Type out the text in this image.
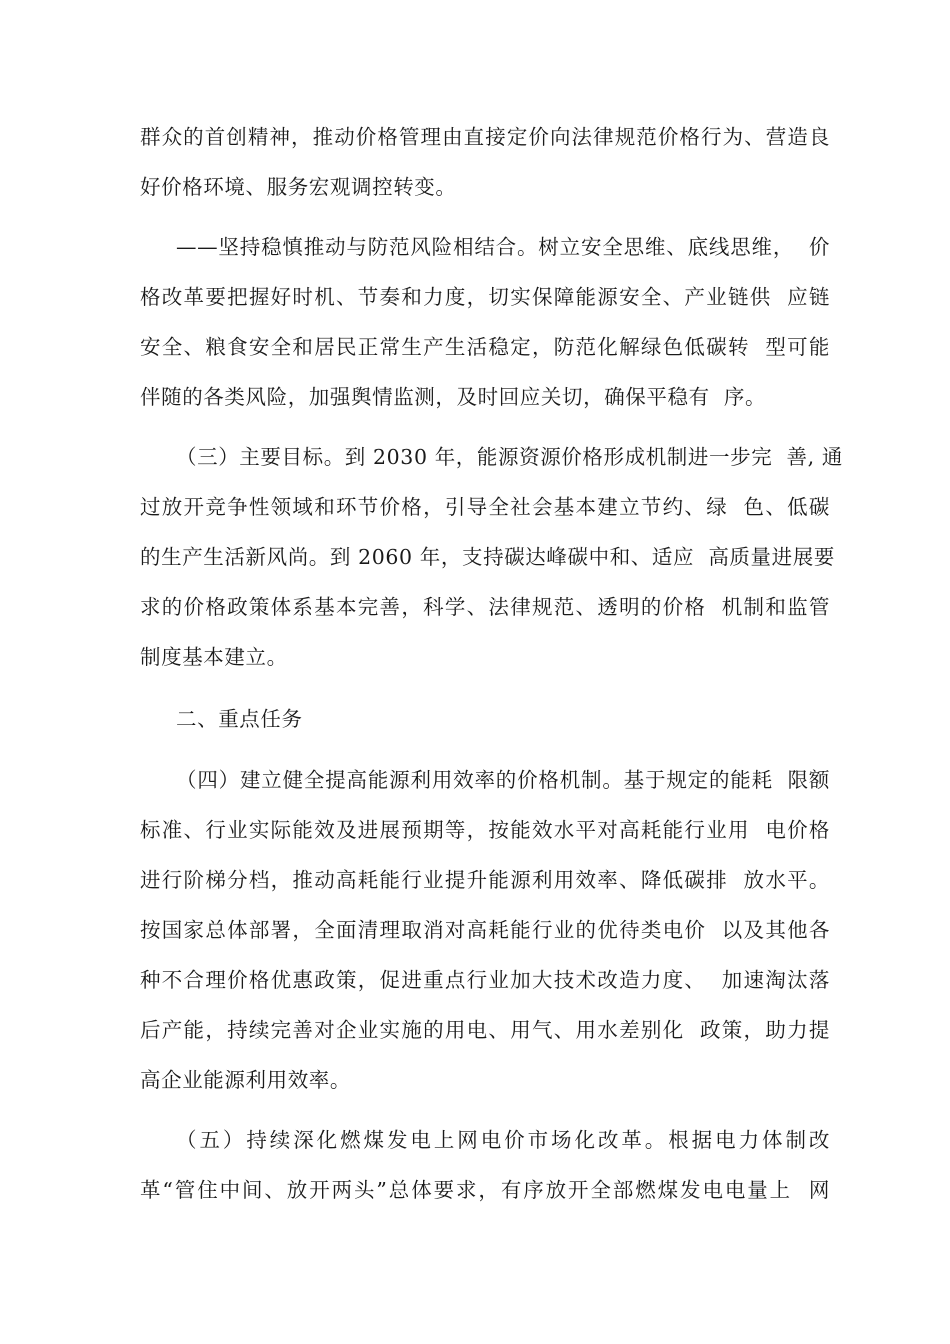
群众的首创精神，推动价格管理由直接定价向法律规范价格行为、营造良
好价格环境、服务宏观调控转变。
——坚持稳慎推动与防范风险相结合。树立安全思维、底线思维，  价
格改革要把握好时机、节奏和力度，切实保障能源安全、产业链供  应链
安全、粮食安全和居民正常生产生活稳定，防范化解绿色低碳转  型可能
伴随的各类风险，加强舆情监测，及时回应关切，确保平稳有  序。
（三）主要目标。到 2030 年，能源资源价格形成机制进一步完  善, 通
过放开竞争性领域和环节价格，引导全社会基本建立节约、绿  色、低碳
的生产生活新风尚。到 2060 年，支持碳达峰碳中和、适应  高质量进展要
求的价格政策体系基本完善，科学、法律规范、透明的价格  机制和监管
制度基本建立。
二、重点任务
（四）建立健全提高能源利用效率的价格机制。基于规定的能耗  限额
标准、行业实际能效及进展预期等，按能效水平对高耗能行业用  电价格
进行阶梯分档，推动高耗能行业提升能源利用效率、降低碳排  放水平。
按国家总体部署，全面清理取消对高耗能行业的优待类电价  以及其他各
种不合理价格优惠政策，促进重点行业加大技术改造力度、  加速淘汰落
后产能，持续完善对企业实施的用电、用气、用水差别化  政策，助力提
高企业能源利用效率。
（五）持续深化燃煤发电上网电价市场化改革。根据电力体制改
革“管住中间、放开两头”总体要求，有序放开全部燃煤发电电量上  网
